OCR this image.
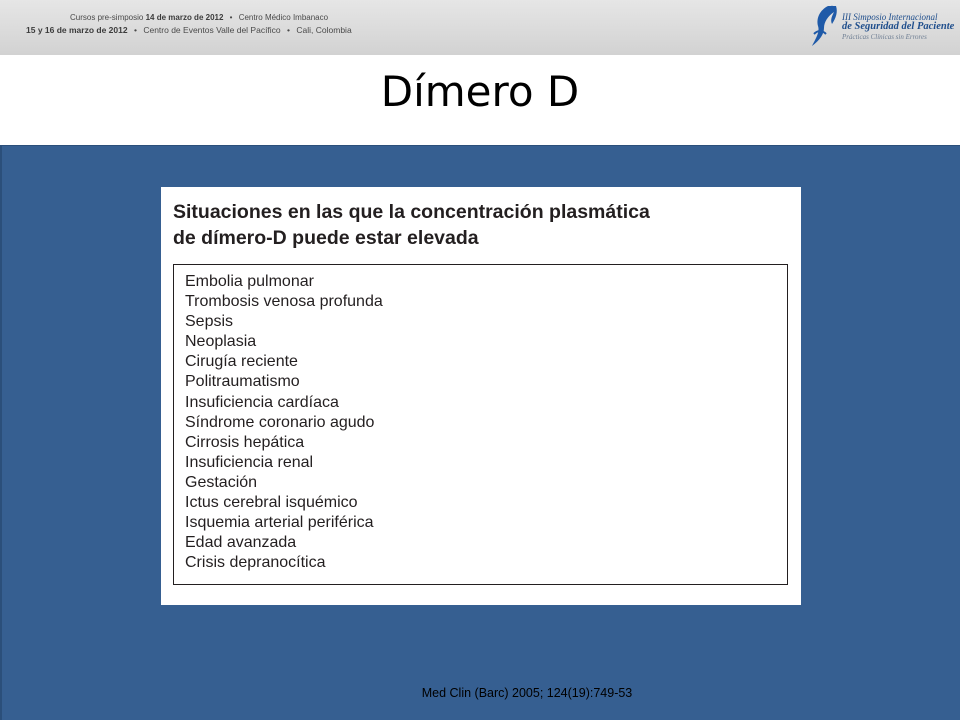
Cursos pre-simposio 14 de marzo de 2012 • Centro Médico Imbanaco
15 y 16 de marzo de 2012 • Centro de Eventos Valle del Pacífico • Cali, Colombia
III Simposio Internacional
de Seguridad del Paciente
Prácticas Clínicas sin Errores
Dímero D
Situaciones en las que la concentración plasmática
de dímero-D puede estar elevada
Embolia pulmonar
Trombosis venosa profunda
Sepsis
Neoplasia
Cirugía reciente
Politraumatismo
Insuficiencia cardíaca
Síndrome coronario agudo
Cirrosis hepática
Insuficiencia renal
Gestación
Ictus cerebral isquémico
Isquemia arterial periférica
Edad avanzada
Crisis depranocítica
Med Clin (Barc) 2005; 124(19):749-53
